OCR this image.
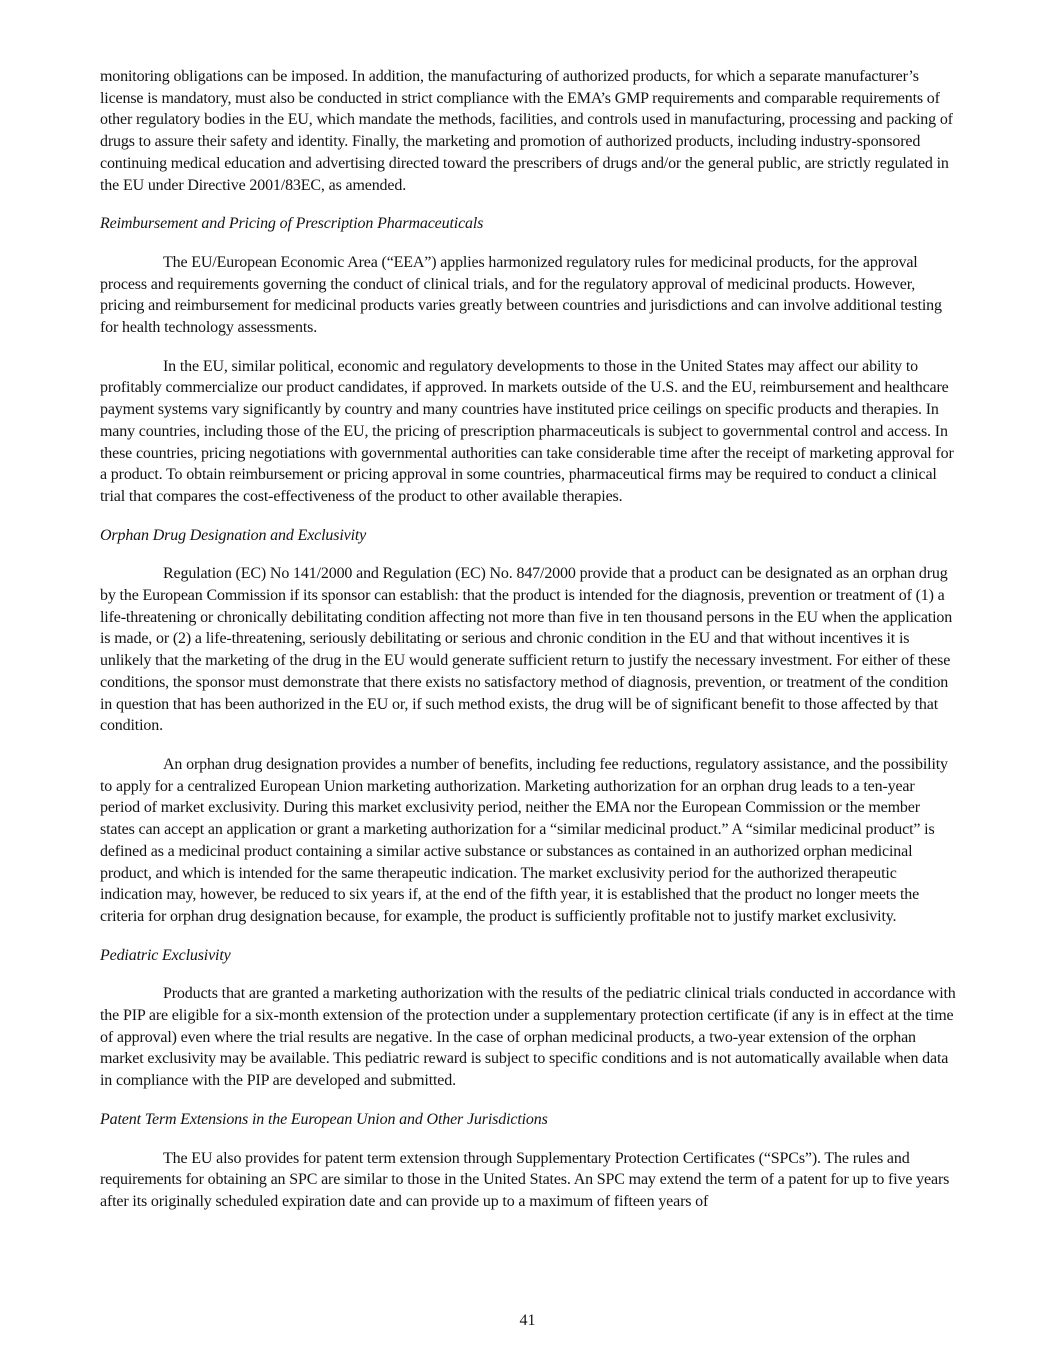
monitoring obligations can be imposed. In addition, the manufacturing of authorized products, for which a separate manufacturer’s license is mandatory, must also be conducted in strict compliance with the EMA’s GMP requirements and comparable requirements of other regulatory bodies in the EU, which mandate the methods, facilities, and controls used in manufacturing, processing and packing of drugs to assure their safety and identity. Finally, the marketing and promotion of authorized products, including industry-sponsored continuing medical education and advertising directed toward the prescribers of drugs and/or the general public, are strictly regulated in the EU under Directive 2001/83EC, as amended.

Reimbursement and Pricing of Prescription Pharmaceuticals

The EU/European Economic Area (“EEA”) applies harmonized regulatory rules for medicinal products, for the approval process and requirements governing the conduct of clinical trials, and for the regulatory approval of medicinal products. However, pricing and reimbursement for medicinal products varies greatly between countries and jurisdictions and can involve additional testing for health technology assessments.

In the EU, similar political, economic and regulatory developments to those in the United States may affect our ability to profitably commercialize our product candidates, if approved. In markets outside of the U.S. and the EU, reimbursement and healthcare payment systems vary significantly by country and many countries have instituted price ceilings on specific products and therapies. In many countries, including those of the EU, the pricing of prescription pharmaceuticals is subject to governmental control and access. In these countries, pricing negotiations with governmental authorities can take considerable time after the receipt of marketing approval for a product. To obtain reimbursement or pricing approval in some countries, pharmaceutical firms may be required to conduct a clinical trial that compares the cost-effectiveness of the product to other available therapies.

Orphan Drug Designation and Exclusivity

Regulation (EC) No 141/2000 and Regulation (EC) No. 847/2000 provide that a product can be designated as an orphan drug by the European Commission if its sponsor can establish: that the product is intended for the diagnosis, prevention or treatment of (1) a life-threatening or chronically debilitating condition affecting not more than five in ten thousand persons in the EU when the application is made, or (2) a life-threatening, seriously debilitating or serious and chronic condition in the EU and that without incentives it is unlikely that the marketing of the drug in the EU would generate sufficient return to justify the necessary investment. For either of these conditions, the sponsor must demonstrate that there exists no satisfactory method of diagnosis, prevention, or treatment of the condition in question that has been authorized in the EU or, if such method exists, the drug will be of significant benefit to those affected by that condition.

An orphan drug designation provides a number of benefits, including fee reductions, regulatory assistance, and the possibility to apply for a centralized European Union marketing authorization. Marketing authorization for an orphan drug leads to a ten-year period of market exclusivity. During this market exclusivity period, neither the EMA nor the European Commission or the member states can accept an application or grant a marketing authorization for a “similar medicinal product.” A “similar medicinal product” is defined as a medicinal product containing a similar active substance or substances as contained in an authorized orphan medicinal product, and which is intended for the same therapeutic indication. The market exclusivity period for the authorized therapeutic indication may, however, be reduced to six years if, at the end of the fifth year, it is established that the product no longer meets the criteria for orphan drug designation because, for example, the product is sufficiently profitable not to justify market exclusivity.

Pediatric Exclusivity

Products that are granted a marketing authorization with the results of the pediatric clinical trials conducted in accordance with the PIP are eligible for a six-month extension of the protection under a supplementary protection certificate (if any is in effect at the time of approval) even where the trial results are negative. In the case of orphan medicinal products, a two-year extension of the orphan market exclusivity may be available. This pediatric reward is subject to specific conditions and is not automatically available when data in compliance with the PIP are developed and submitted.

Patent Term Extensions in the European Union and Other Jurisdictions

The EU also provides for patent term extension through Supplementary Protection Certificates (“SPCs”). The rules and requirements for obtaining an SPC are similar to those in the United States. An SPC may extend the term of a patent for up to five years after its originally scheduled expiration date and can provide up to a maximum of fifteen years of

41
